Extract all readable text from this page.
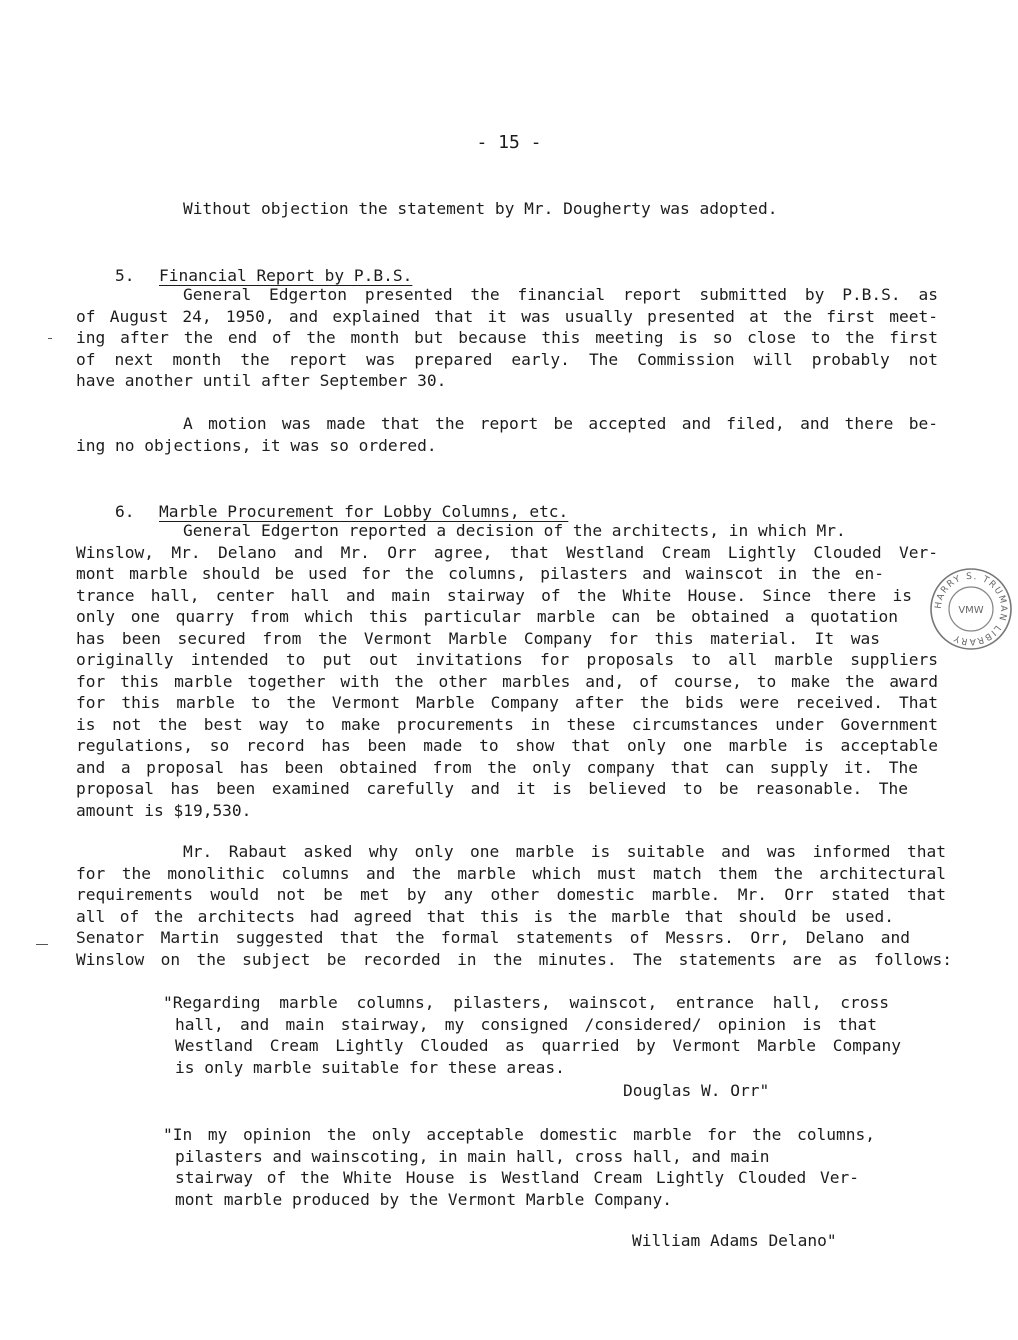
- 15 -
Without objection the statement by Mr. Dougherty was adopted.

5. Financial Report by P.B.S.

General Edgerton presented the financial report submitted by P.B.S. as
of August 24, 1950, and explained that it was usually presented at the first meet-
ing after the end of the month but because this meeting is so close to the first
of next month the report was prepared early. The Commission will probably not
have another until after September 30.
A motion was made that the report be accepted and filed, and there be-
ing no objections, it was so ordered.

6. Marble Procurement for Lobby Columns, etc.

General Edgerton reported a decision of the architects, in which Mr.
Winslow, Mr. Delano and Mr. Orr agree, that Westland Cream Lightly Clouded Ver-
mont marble should be used for the columns, pilasters and wainscot in the en-
trance hall, center hall and main stairway of the White House. Since there is
only one quarry from which this particular marble can be obtained a quotation
has been secured from the Vermont Marble Company for this material. It was
originally intended to put out invitations for proposals to all marble suppliers
for this marble together with the other marbles and, of course, to make the award
for this marble to the Vermont Marble Company after the bids were received. That
is not the best way to make procurements in these circumstances under Government
regulations, so record has been made to show that only one marble is acceptable
and a proposal has been obtained from the only company that can supply it. The
proposal has been examined carefully and it is believed to be reasonable. The
amount is $19,530.
Mr. Rabaut asked why only one marble is suitable and was informed that
for the monolithic columns and the marble which must match them the architectural
requirements would not be met by any other domestic marble. Mr. Orr stated that
all of the architects had agreed that this is the marble that should be used.
Senator Martin suggested that the formal statements of Messrs. Orr, Delano and
Winslow on the subject be recorded in the minutes. The statements are as follows:
"Regarding marble columns, pilasters, wainscot, entrance hall, cross
hall, and main stairway, my consigned /considered/ opinion is that
Westland Cream Lightly Clouded as quarried by Vermont Marble Company
is only marble suitable for these areas.
Douglas W. Orr"
"In my opinion the only acceptable domestic marble for the columns,
pilasters and wainscoting, in main hall, cross hall, and main
stairway of the White House is Westland Cream Lightly Clouded Ver-
mont marble produced by the Vermont Marble Company.
William Adams Delano"
HARRY S. TRUMAN LIBRARY
VMW
